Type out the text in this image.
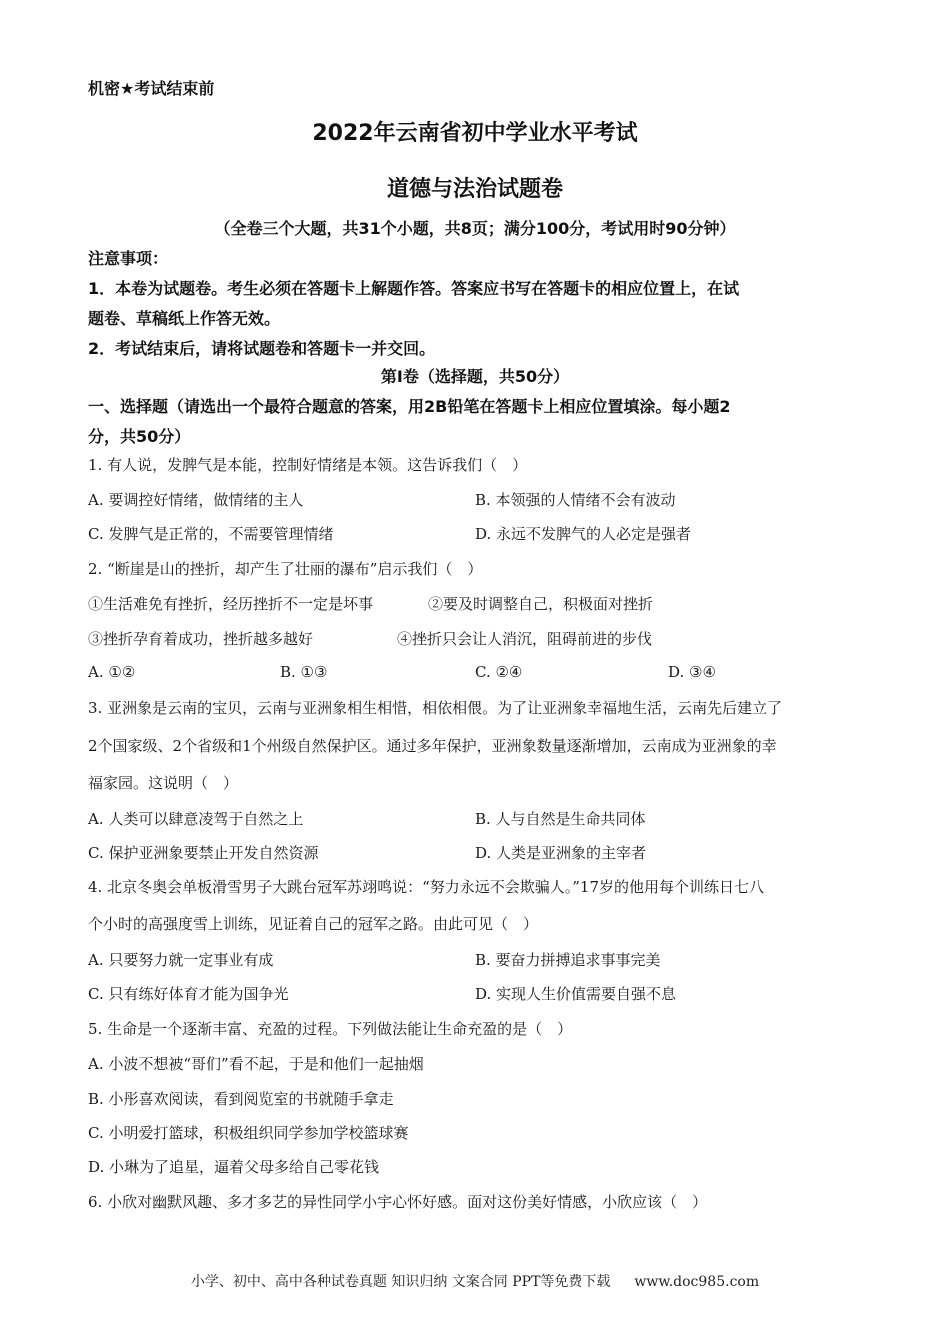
机密★考试结束前
2022年云南省初中学业水平考试
道德与法治试题卷
（全卷三个大题，共31个小题，共8页；满分100分，考试用时90分钟）
注意事项：
1．本卷为试题卷。考生必须在答题卡上解题作答。答案应书写在答题卡的相应位置上，在试
题卷、草稿纸上作答无效。
2．考试结束后，请将试题卷和答题卡一并交回。
第I卷（选择题，共50分）
一、选择题（请选出一个最符合题意的答案，用2B铅笔在答题卡上相应位置填涂。每小题2
分，共50分）
1. 有人说，发脾气是本能，控制好情绪是本领。这告诉我们（　）
A. 要调控好情绪，做情绪的主人	B. 本领强的人情绪不会有波动
C. 发脾气是正常的，不需要管理情绪	D. 永远不发脾气的人必定是强者
2. “断崖是山的挫折，却产生了壮丽的瀑布”启示我们（　）
①生活难免有挫折，经历挫折不一定是坏事	②要及时调整自己，积极面对挫折
③挫折孕育着成功，挫折越多越好	④挫折只会让人消沉，阻碍前进的步伐
A. ①②	B. ①③	C. ②④	D. ③④
3. 亚洲象是云南的宝贝，云南与亚洲象相生相惜，相依相偎。为了让亚洲象幸福地生活，云南先后建立了
2个国家级、2个省级和1个州级自然保护区。通过多年保护，亚洲象数量逐渐增加，云南成为亚洲象的幸
福家园。这说明（　）
A. 人类可以肆意凌驾于自然之上	B. 人与自然是生命共同体
C. 保护亚洲象要禁止开发自然资源	D. 人类是亚洲象的主宰者
4. 北京冬奥会单板滑雪男子大跳台冠军苏翊鸣说：“努力永远不会欺骗人。”17岁的他用每个训练日七八
个小时的高强度雪上训练，见证着自己的冠军之路。由此可见（　）
A. 只要努力就一定事业有成	B. 要奋力拼搏追求事事完美
C. 只有练好体育才能为国争光	D. 实现人生价值需要自强不息
5. 生命是一个逐渐丰富、充盈的过程。下列做法能让生命充盈的是（　）
A. 小波不想被“哥们”看不起，于是和他们一起抽烟
B. 小彤喜欢阅读，看到阅览室的书就随手拿走
C. 小明爱打篮球，积极组织同学参加学校篮球赛
D. 小琳为了追星，逼着父母多给自己零花钱
6. 小欣对幽默风趣、多才多艺的异性同学小宇心怀好感。面对这份美好情感，小欣应该（　）
小学、初中、高中各种试卷真题 知识归纳 文案合同 PPT等免费下载 www.doc985.com
